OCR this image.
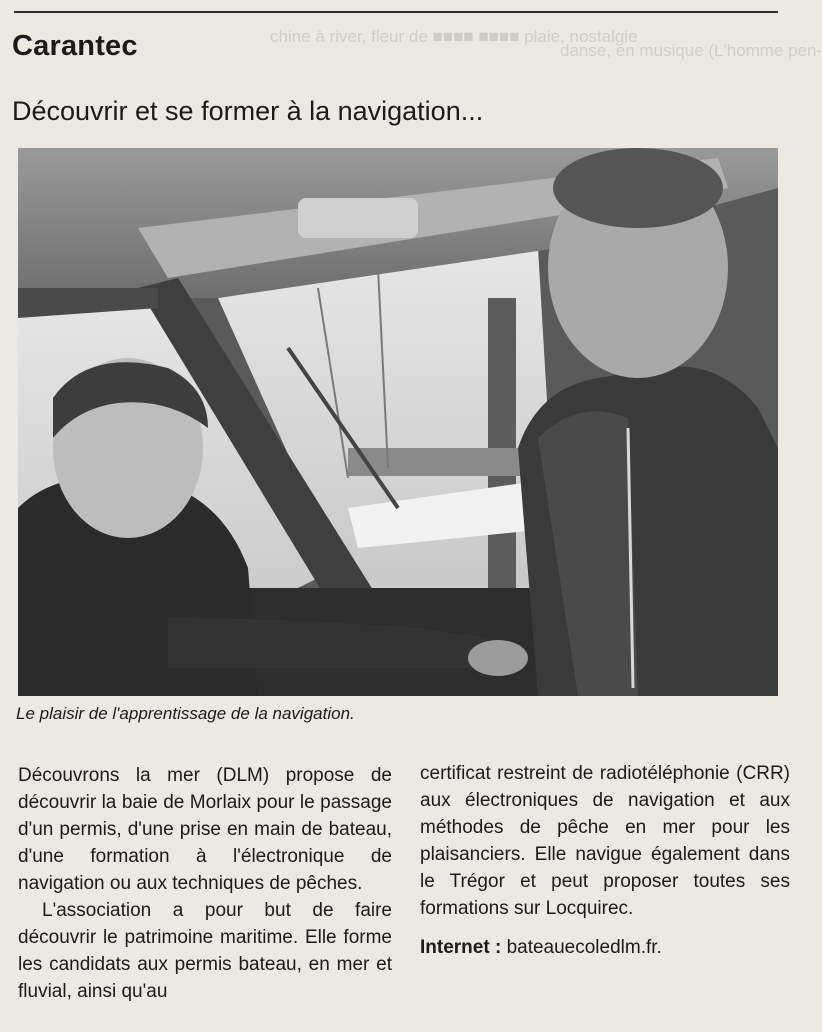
chine à river, fleur de ■■■■ ■■■■ plaie, nostalgie
danse, en musique (L'homme pen-
Carantec
Découvrir et se former à la navigation...
Le plaisir de l'apprentissage de la navigation.

Découvrons la mer (DLM) propose de découvrir la baie de Morlaix pour le passage d'un permis, d'une prise en main de bateau, d'une formation à l'électronique de navigation ou aux techniques de pêches.

L'association a pour but de faire découvrir le patrimoine maritime. Elle forme les candidats aux permis bateau, en mer et fluvial, ainsi qu'au

certificat restreint de radiotéléphonie (CRR) aux électroniques de navigation et aux méthodes de pêche en mer pour les plaisanciers. Elle navigue également dans le Trégor et peut proposer toutes ses formations sur Locquirec.

Internet : bateauecoledlm.fr.
